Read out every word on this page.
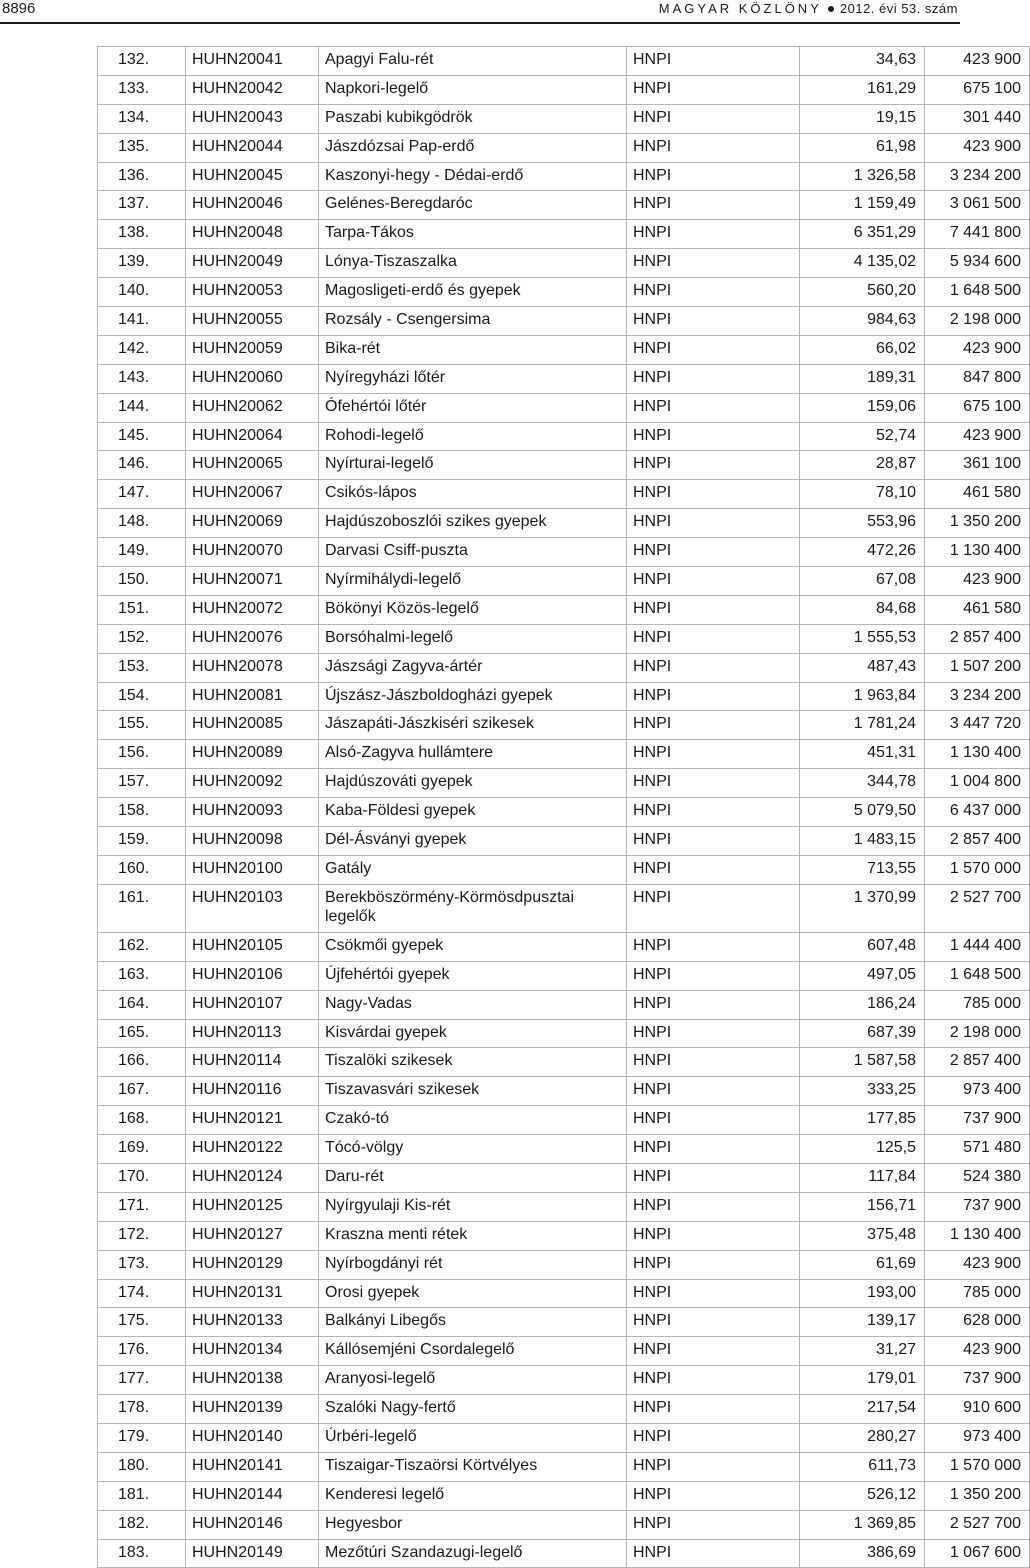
8896	MAGYAR KÖZLÖNY 2012. évi 53. szám
132.	HUHN20041	Apagyi Falu-rét	HNPI	34,63	423 900
133.	HUHN20042	Napkori-legelő	HNPI	161,29	675 100
134.	HUHN20043	Paszabi kubikgödrök	HNPI	19,15	301 440
135.	HUHN20044	Jászdózsai Pap-erdő	HNPI	61,98	423 900
136.	HUHN20045	Kaszonyi-hegy - Dédai-erdő	HNPI	1 326,58	3 234 200
137.	HUHN20046	Gelénes-Beregdaróc	HNPI	1 159,49	3 061 500
138.	HUHN20048	Tarpa-Tákos	HNPI	6 351,29	7 441 800
139.	HUHN20049	Lónya-Tiszaszalka	HNPI	4 135,02	5 934 600
140.	HUHN20053	Magosligeti-erdő és gyepek	HNPI	560,20	1 648 500
141.	HUHN20055	Rozsály - Csengersima	HNPI	984,63	2 198 000
142.	HUHN20059	Bika-rét	HNPI	66,02	423 900
143.	HUHN20060	Nyíregyházi lőtér	HNPI	189,31	847 800
144.	HUHN20062	Ófehértói lőtér	HNPI	159,06	675 100
145.	HUHN20064	Rohodi-legelő	HNPI	52,74	423 900
146.	HUHN20065	Nyírturai-legelő	HNPI	28,87	361 100
147.	HUHN20067	Csikós-lápos	HNPI	78,10	461 580
148.	HUHN20069	Hajdúszoboszlói szikes gyepek	HNPI	553,96	1 350 200
149.	HUHN20070	Darvasi Csiff-puszta	HNPI	472,26	1 130 400
150.	HUHN20071	Nyírmihálydi-legelő	HNPI	67,08	423 900
151.	HUHN20072	Bökönyi Közös-legelő	HNPI	84,68	461 580
152.	HUHN20076	Borsóhalmi-legelő	HNPI	1 555,53	2 857 400
153.	HUHN20078	Jászsági Zagyva-ártér	HNPI	487,43	1 507 200
154.	HUHN20081	Újszász-Jászboldogházi gyepek	HNPI	1 963,84	3 234 200
155.	HUHN20085	Jászapáti-Jászkiséri szikesek	HNPI	1 781,24	3 447 720
156.	HUHN20089	Alsó-Zagyva hullámtere	HNPI	451,31	1 130 400
157.	HUHN20092	Hajdúszováti gyepek	HNPI	344,78	1 004 800
158.	HUHN20093	Kaba-Földesi gyepek	HNPI	5 079,50	6 437 000
159.	HUHN20098	Dél-Ásványi gyepek	HNPI	1 483,15	2 857 400
160.	HUHN20100	Gatály	HNPI	713,55	1 570 000
161.	HUHN20103	Berekböszörmény-Körmösdpusztai legelők	HNPI	1 370,99	2 527 700
162.	HUHN20105	Csökmői gyepek	HNPI	607,48	1 444 400
163.	HUHN20106	Újfehértói gyepek	HNPI	497,05	1 648 500
164.	HUHN20107	Nagy-Vadas	HNPI	186,24	785 000
165.	HUHN20113	Kisvárdai gyepek	HNPI	687,39	2 198 000
166.	HUHN20114	Tiszalöki szikesek	HNPI	1 587,58	2 857 400
167.	HUHN20116	Tiszavasvári szikesek	HNPI	333,25	973 400
168.	HUHN20121	Czakó-tó	HNPI	177,85	737 900
169.	HUHN20122	Tócó-völgy	HNPI	125,5	571 480
170.	HUHN20124	Daru-rét	HNPI	117,84	524 380
171.	HUHN20125	Nyírgyulaji Kis-rét	HNPI	156,71	737 900
172.	HUHN20127	Kraszna menti rétek	HNPI	375,48	1 130 400
173.	HUHN20129	Nyírbogdányi rét	HNPI	61,69	423 900
174.	HUHN20131	Orosi gyepek	HNPI	193,00	785 000
175.	HUHN20133	Balkányi Libegős	HNPI	139,17	628 000
176.	HUHN20134	Kállósemjéni Csordalegelő	HNPI	31,27	423 900
177.	HUHN20138	Aranyosi-legelő	HNPI	179,01	737 900
178.	HUHN20139	Szalóki Nagy-fertő	HNPI	217,54	910 600
179.	HUHN20140	Úrbéri-legelő	HNPI	280,27	973 400
180.	HUHN20141	Tiszaigar-Tiszaörsi Körtvélyes	HNPI	611,73	1 570 000
181.	HUHN20144	Kenderesi legelő	HNPI	526,12	1 350 200
182.	HUHN20146	Hegyesbor	HNPI	1 369,85	2 527 700
183.	HUHN20149	Mezőtúri Szandazugi-legelő	HNPI	386,69	1 067 600
